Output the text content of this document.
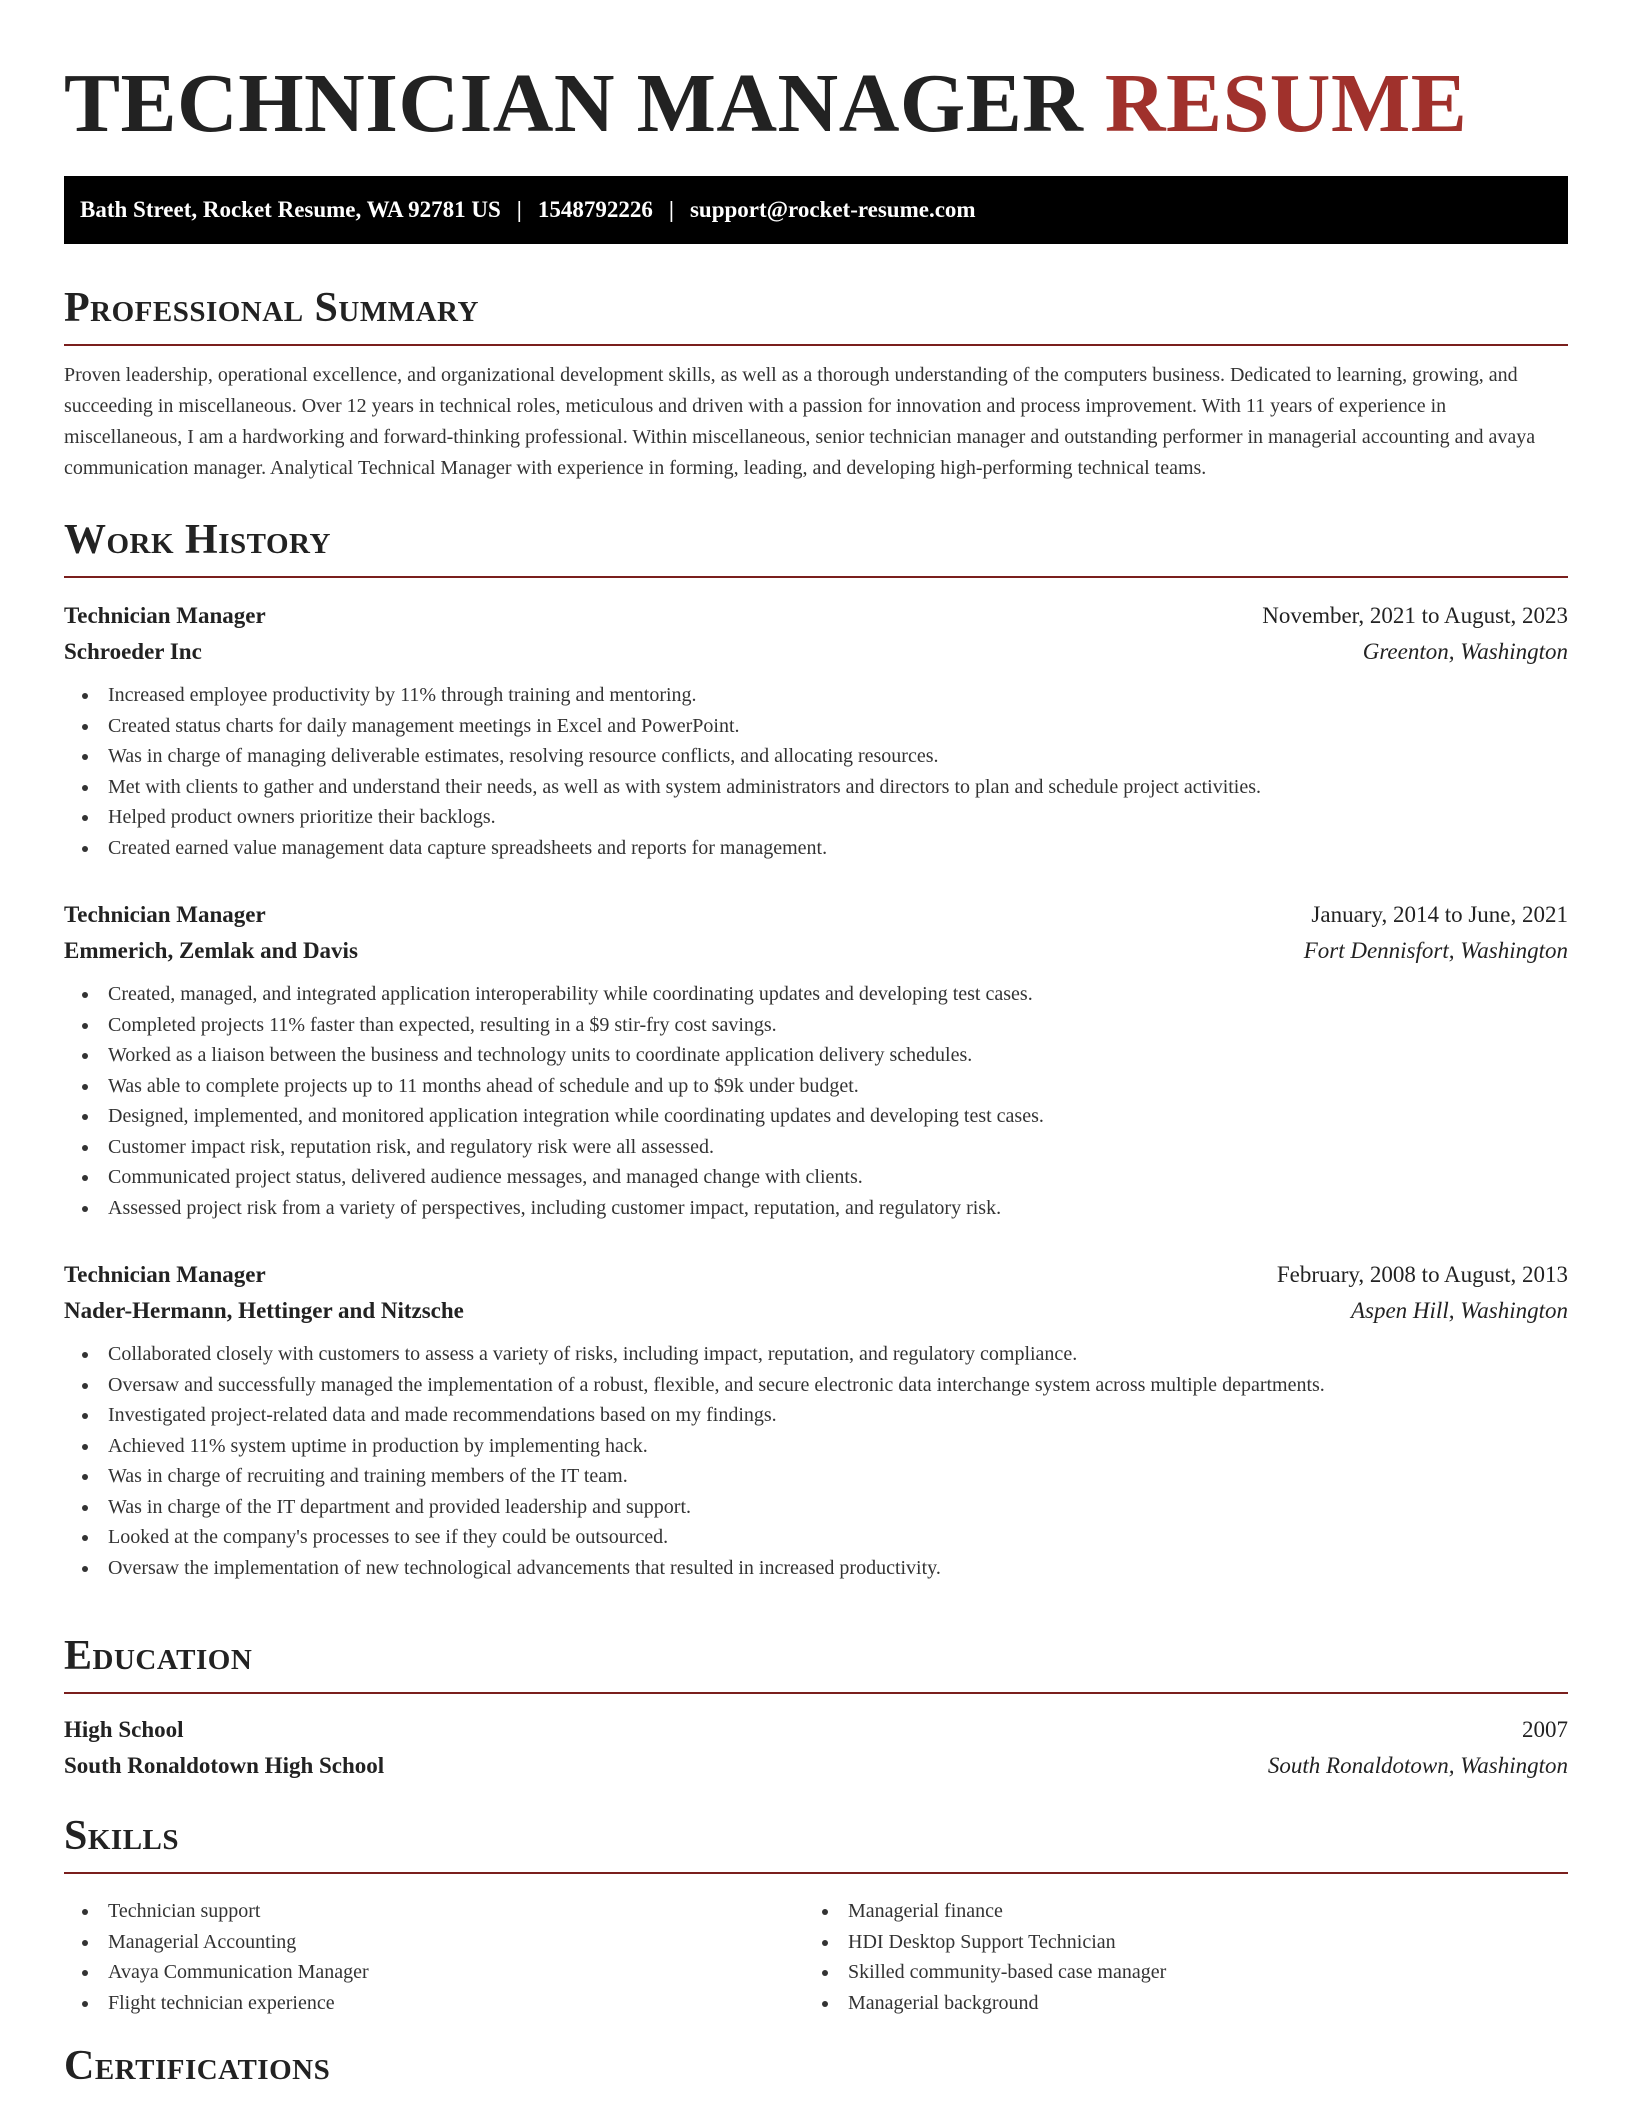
TECHNICIAN MANAGER RESUME
Bath Street, Rocket Resume, WA 92781 US | 1548792226 | support@rocket-resume.com
Professional Summary

Proven leadership, operational excellence, and organizational development skills, as well as a thorough understanding of the computers business. Dedicated to learning, growing, and succeeding in miscellaneous. Over 12 years in technical roles, meticulous and driven with a passion for innovation and process improvement. With 11 years of experience in miscellaneous, I am a hardworking and forward-thinking professional. Within miscellaneous, senior technician manager and outstanding performer in managerial accounting and avaya communication manager. Analytical Technical Manager with experience in forming, leading, and developing high-performing technical teams.

Work History
Technician Manager	November, 2021 to August, 2023
Schroeder Inc	Greenton, Washington
Increased employee productivity by 11% through training and mentoring.
Created status charts for daily management meetings in Excel and PowerPoint.
Was in charge of managing deliverable estimates, resolving resource conflicts, and allocating resources.
Met with clients to gather and understand their needs, as well as with system administrators and directors to plan and schedule project activities.
Helped product owners prioritize their backlogs.
Created earned value management data capture spreadsheets and reports for management.
Technician Manager	January, 2014 to June, 2021
Emmerich, Zemlak and Davis	Fort Dennisfort, Washington
Created, managed, and integrated application interoperability while coordinating updates and developing test cases.
Completed projects 11% faster than expected, resulting in a $9 stir-fry cost savings.
Worked as a liaison between the business and technology units to coordinate application delivery schedules.
Was able to complete projects up to 11 months ahead of schedule and up to $9k under budget.
Designed, implemented, and monitored application integration while coordinating updates and developing test cases.
Customer impact risk, reputation risk, and regulatory risk were all assessed.
Communicated project status, delivered audience messages, and managed change with clients.
Assessed project risk from a variety of perspectives, including customer impact, reputation, and regulatory risk.
Technician Manager	February, 2008 to August, 2013
Nader-Hermann, Hettinger and Nitzsche	Aspen Hill, Washington
Collaborated closely with customers to assess a variety of risks, including impact, reputation, and regulatory compliance.
Oversaw and successfully managed the implementation of a robust, flexible, and secure electronic data interchange system across multiple departments.
Investigated project-related data and made recommendations based on my findings.
Achieved 11% system uptime in production by implementing hack.
Was in charge of recruiting and training members of the IT team.
Was in charge of the IT department and provided leadership and support.
Looked at the company's processes to see if they could be outsourced.
Oversaw the implementation of new technological advancements that resulted in increased productivity.
Education
High School	2007
South Ronaldotown High School	South Ronaldotown, Washington
Skills
Technician support
Managerial Accounting
Avaya Communication Manager
Flight technician experience
Managerial finance
HDI Desktop Support Technician
Skilled community-based case manager
Managerial background
Certifications
